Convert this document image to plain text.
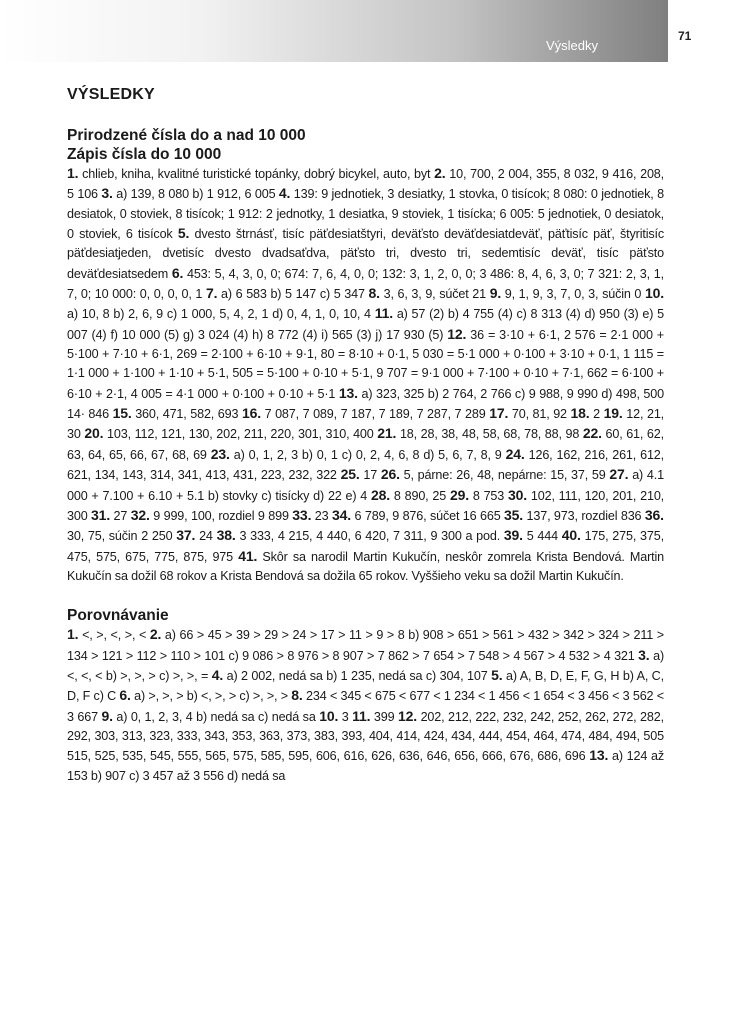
Výsledky
71
VÝSLEDKY
Prirodzené čísla do a nad 10 000
Zápis čísla do 10 000

1. chlieb, kniha, kvalitné turistické topánky, dobrý bicykel, auto, byt 2. 10, 700, 2 004, 355, 8 032, 9 416, 208, 5 106 3. a) 139, 8 080 b) 1 912, 6 005 4. 139: 9 jednotiek, 3 desiatky, 1 stovka, 0 tisícok; 8 080: 0 jednotiek, 8 desiatok, 0 stoviek, 8 tisícok; 1 912: 2 jednotky, 1 desiatka, 9 stoviek, 1 tisícka; 6 005: 5 jednotiek, 0 desiatok, 0 stoviek, 6 tisícok 5. dvesto štrnásť, tisíc päťdesiatštyri, deväťsto deväťdesiatdeväť, päťtisíc päť, štyritisíc päťdesiatjeden, dvetisíc dvesto dvadsaťdva, päťsto tri, dvesto tri, sedemtisíc deväť, tisíc päťsto deväťdesiatsedem 6. 453: 5, 4, 3, 0, 0; 674: 7, 6, 4, 0, 0; 132: 3, 1, 2, 0, 0; 3 486: 8, 4, 6, 3, 0; 7 321: 2, 3, 1, 7, 0; 10 000: 0, 0, 0, 0, 1 7. a) 6 583 b) 5 147 c) 5 347 8. 3, 6, 3, 9, súčet 21 9. 9, 1, 9, 3, 7, 0, 3, súčin 0 10. a) 10, 8 b) 2, 6, 9 c) 1 000, 5, 4, 2, 1 d) 0, 4, 1, 0, 10, 4 11. a) 57 (2) b) 4 755 (4) c) 8 313 (4) d) 950 (3) e) 5 007 (4) f) 10 000 (5) g) 3 024 (4) h) 8 772 (4) i) 565 (3) j) 17 930 (5) 12. 36 = 3·10 + 6·1, 2 576 = 2·1 000 + 5·100 + 7·10 + 6·1, 269 = 2·100 + 6·10 + 9·1, 80 = 8·10 + 0·1, 5 030 = 5·1 000 + 0·100 + 3·10 + 0·1, 1 115 = 1·1 000 + 1·100 + 1·10 + 5·1, 505 = 5·100 + 0·10 + 5·1, 9 707 = 9·1 000 + 7·100 + 0·10 + 7·1, 662 = 6·100 + 6·10 + 2·1, 4 005 = 4·1 000 + 0·100 + 0·10 + 5·1 13. a) 323, 325 b) 2 764, 2 766 c) 9 988, 9 990 d) 498, 500 14· 846 15. 360, 471, 582, 693 16. 7 087, 7 089, 7 187, 7 189, 7 287, 7 289 17. 70, 81, 92 18. 2 19. 12, 21, 30 20. 103, 112, 121, 130, 202, 211, 220, 301, 310, 400 21. 18, 28, 38, 48, 58, 68, 78, 88, 98 22. 60, 61, 62, 63, 64, 65, 66, 67, 68, 69 23. a) 0, 1, 2, 3 b) 0, 1 c) 0, 2, 4, 6, 8 d) 5, 6, 7, 8, 9 24. 126, 162, 216, 261, 612, 621, 134, 143, 314, 341, 413, 431, 223, 232, 322 25. 17 26. 5, párne: 26, 48, nepárne: 15, 37, 59 27. a) 4.1 000 + 7.100 + 6.10 + 5.1 b) stovky c) tisícky d) 22 e) 4 28. 8 890, 25 29. 8 753 30. 102, 111, 120, 201, 210, 300 31. 27 32. 9 999, 100, rozdiel 9 899 33. 23 34. 6 789, 9 876, súčet 16 665 35. 137, 973, rozdiel 836 36. 30, 75, súčin 2 250 37. 24 38. 3 333, 4 215, 4 440, 6 420, 7 311, 9 300 a pod. 39. 5 444 40. 175, 275, 375, 475, 575, 675, 775, 875, 975 41. Skôr sa narodil Martin Kukučín, neskôr zomrela Krista Bendová. Martin Kukučín sa dožil 68 rokov a Krista Bendová sa dožila 65 rokov. Vyššieho veku sa dožil Martin Kukučín.

Porovnávanie

1. <, >, <, >, < 2. a) 66 > 45 > 39 > 29 > 24 > 17 > 11 > 9 > 8 b) 908 > 651 > 561 > 432 > 342 > 324 > 211 > 134 > 121 > 112 > 110 > 101 c) 9 086 > 8 976 > 8 907 > 7 862 > 7 654 > 7 548 > 4 567 > 4 532 > 4 321 3. a) <, <, < b) >, >, > c) >, >, = 4. a) 2 002, nedá sa b) 1 235, nedá sa c) 304, 107 5. a) A, B, D, E, F, G, H b) A, C, D, F c) C 6. a) >, >, > b) <, >, > c) >, >, > 8. 234 < 345 < 675 < 677 < 1 234 < 1 456 < 1 654 < 3 456 < 3 562 < 3 667 9. a) 0, 1, 2, 3, 4 b) nedá sa c) nedá sa 10. 3 11. 399 12. 202, 212, 222, 232, 242, 252, 262, 272, 282, 292, 303, 313, 323, 333, 343, 353, 363, 373, 383, 393, 404, 414, 424, 434, 444, 454, 464, 474, 484, 494, 505 515, 525, 535, 545, 555, 565, 575, 585, 595, 606, 616, 626, 636, 646, 656, 666, 676, 686, 696 13. a) 124 až 153 b) 907 c) 3 457 až 3 556 d) nedá sa
